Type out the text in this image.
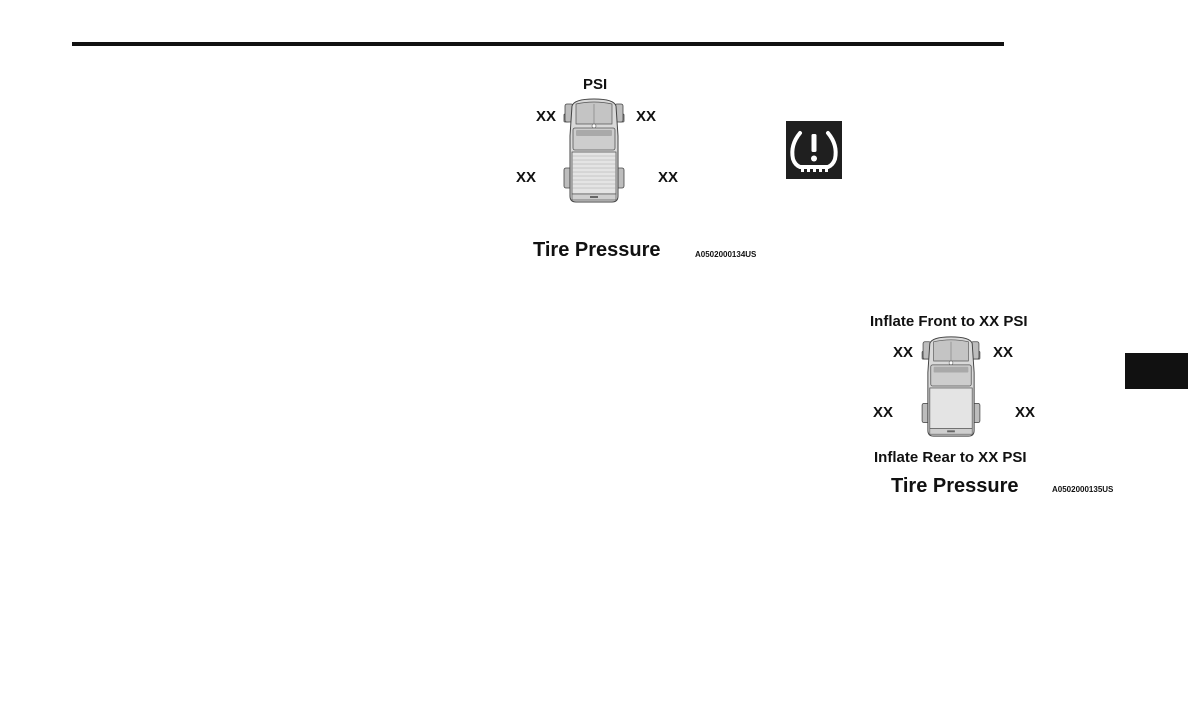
PSI
XX	XX
XX	XX
Tire Pressure	A0502000134US
Inflate Front to XX PSI
XX	XX
XX	XX
Inflate Rear to XX PSI
Tire Pressure	A0502000135US
